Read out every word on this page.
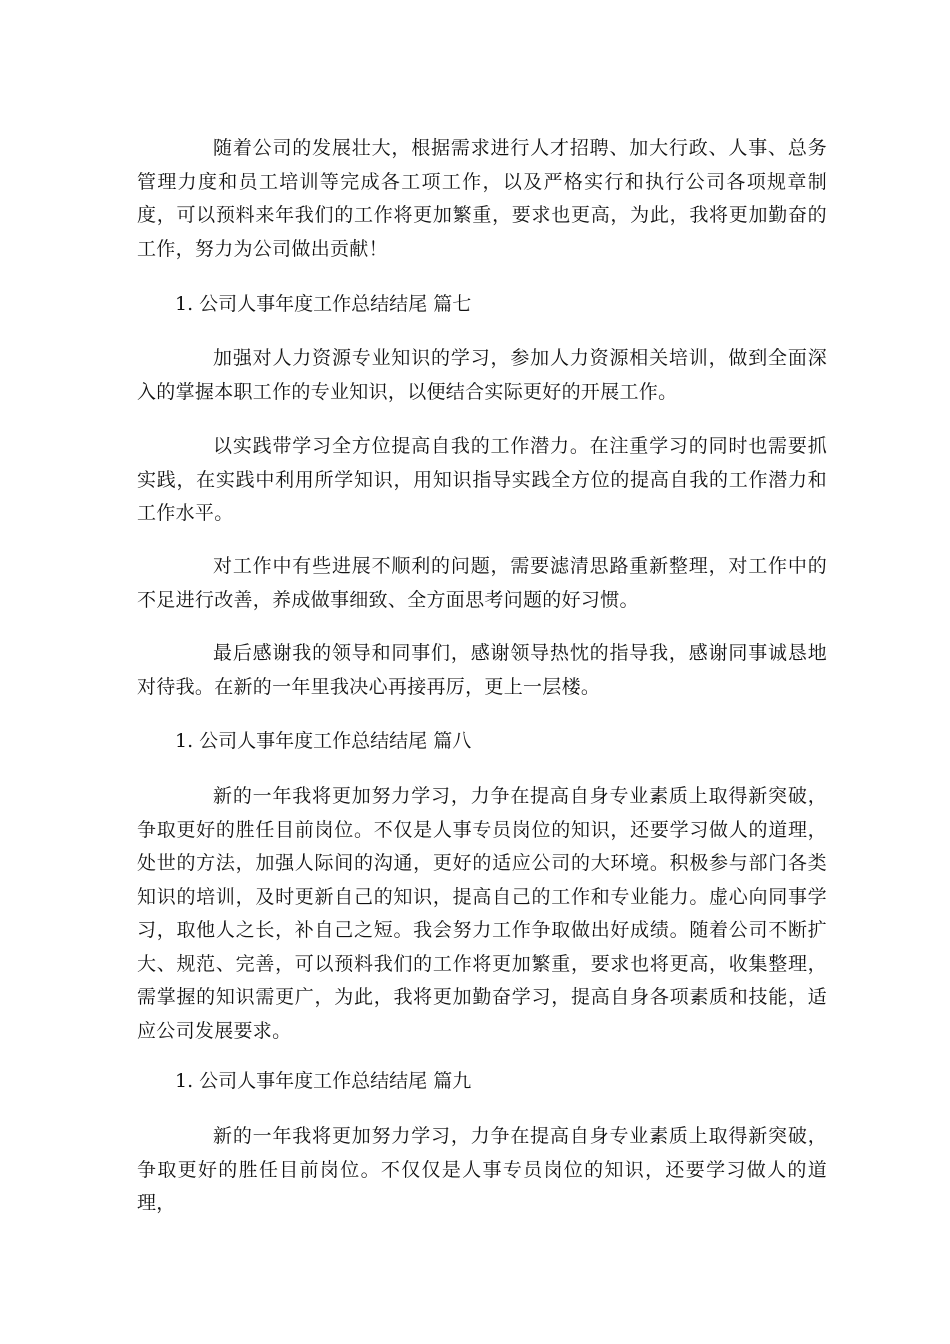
随着公司的发展壮大，根据需求进行人才招聘、加大行政、人事、总务管理力度和员工培训等完成各工项工作，以及严格实行和执行公司各项规章制度，可以预料来年我们的工作将更加繁重，要求也更高，为此，我将更加勤奋的工作，努力为公司做出贡献！
1. 公司人事年度工作总结结尾 篇七
加强对人力资源专业知识的学习，参加人力资源相关培训，做到全面深入的掌握本职工作的专业知识，以便结合实际更好的开展工作。
以实践带学习全方位提高自我的工作潜力。在注重学习的同时也需要抓实践，在实践中利用所学知识，用知识指导实践全方位的提高自我的工作潜力和工作水平。
对工作中有些进展不顺利的问题，需要滤清思路重新整理，对工作中的不足进行改善，养成做事细致、全方面思考问题的好习惯。
最后感谢我的领导和同事们，感谢领导热忱的指导我，感谢同事诚恳地对待我。在新的一年里我决心再接再厉，更上一层楼。
1. 公司人事年度工作总结结尾 篇八
新的一年我将更加努力学习，力争在提高自身专业素质上取得新突破，争取更好的胜任目前岗位。不仅是人事专员岗位的知识，还要学习做人的道理，处世的方法，加强人际间的沟通，更好的适应公司的大环境。积极参与部门各类知识的培训，及时更新自己的知识，提高自己的工作和专业能力。虚心向同事学习，取他人之长，补自己之短。我会努力工作争取做出好成绩。随着公司不断扩大、规范、完善，可以预料我们的工作将更加繁重，要求也将更高，收集整理，需掌握的知识需更广，为此，我将更加勤奋学习，提高自身各项素质和技能，适应公司发展要求。
1. 公司人事年度工作总结结尾 篇九
新的一年我将更加努力学习，力争在提高自身专业素质上取得新突破，争取更好的胜任目前岗位。不仅仅是人事专员岗位的知识，还要学习做人的道理，
